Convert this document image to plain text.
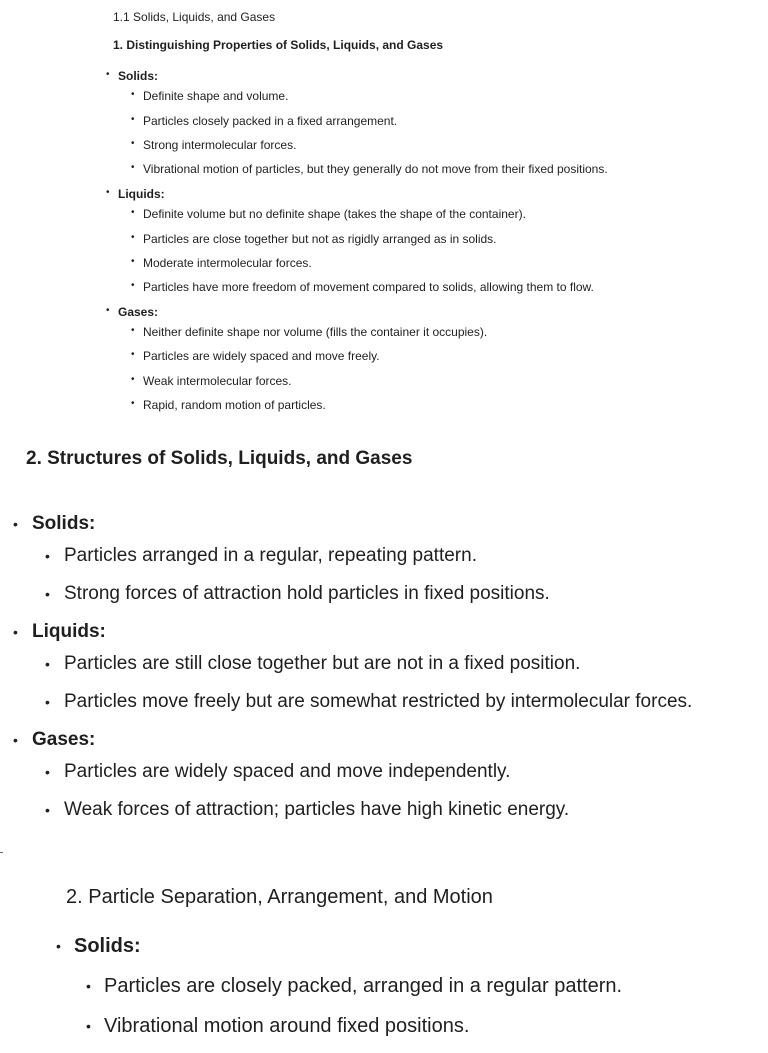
1.1 Solids, Liquids, and Gases
1. Distinguishing Properties of Solids, Liquids, and Gases
• Solids:
• Definite shape and volume.
• Particles closely packed in a fixed arrangement.
• Strong intermolecular forces.
• Vibrational motion of particles, but they generally do not move from their fixed positions.
• Liquids:
• Definite volume but no definite shape (takes the shape of the container).
• Particles are close together but not as rigidly arranged as in solids.
• Moderate intermolecular forces.
• Particles have more freedom of movement compared to solids, allowing them to flow.
• Gases:
• Neither definite shape nor volume (fills the container it occupies).
• Particles are widely spaced and move freely.
• Weak intermolecular forces.
• Rapid, random motion of particles.
2. Structures of Solids, Liquids, and Gases
• Solids:
• Particles arranged in a regular, repeating pattern.
• Strong forces of attraction hold particles in fixed positions.
• Liquids:
• Particles are still close together but are not in a fixed position.
• Particles move freely but are somewhat restricted by intermolecular forces.
• Gases:
• Particles are widely spaced and move independently.
• Weak forces of attraction; particles have high kinetic energy.
2. Particle Separation, Arrangement, and Motion
• Solids:
• Particles are closely packed, arranged in a regular pattern.
• Vibrational motion around fixed positions.
